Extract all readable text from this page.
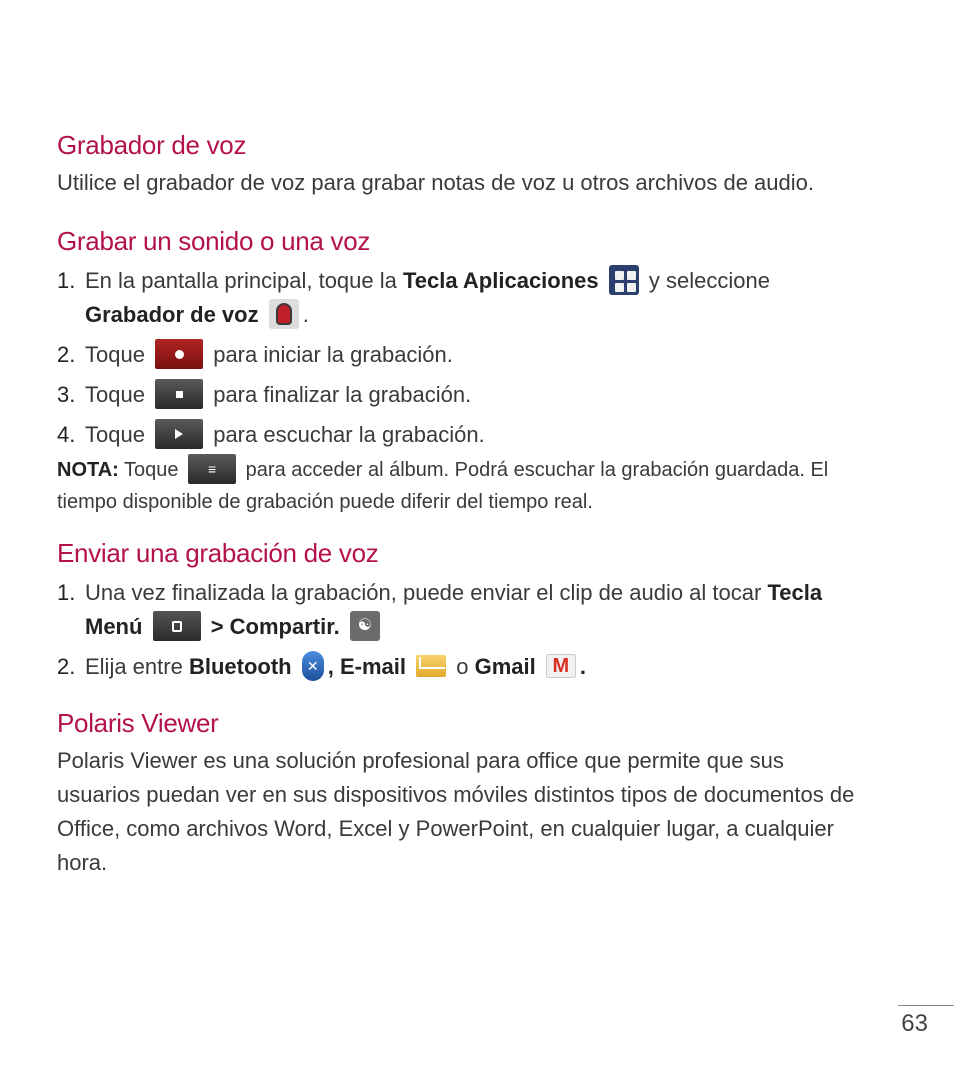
Grabador de voz

Utilice el grabador de voz para grabar notas de voz u otros archivos de audio.

Grabar un sonido o una voz
1. En la pantalla principal, toque la Tecla Aplicaciones
y seleccione Grabador de voz .
2. Toque	para iniciar la grabación.
3. Toque	para finalizar la grabación.
4. Toque	para escuchar la grabación.

NOTA: Toque ≡ para acceder al álbum. Podrá escuchar la grabación guardada. El tiempo disponible de grabación puede diferir del tiempo real.

Enviar una grabación de voz
1. Una vez finalizada la grabación, puede enviar el clip de audio al tocar Tecla Menú	> Compartir. ☯
2. Elija entre Bluetooth ✕ , E-mail  o Gmail M .
Polaris Viewer

Polaris Viewer es una solución profesional para office que permite que sus usuarios puedan ver en sus dispositivos móviles distintos tipos de documentos de Office, como archivos Word, Excel y PowerPoint, en cualquier lugar, a cualquier hora.

63
